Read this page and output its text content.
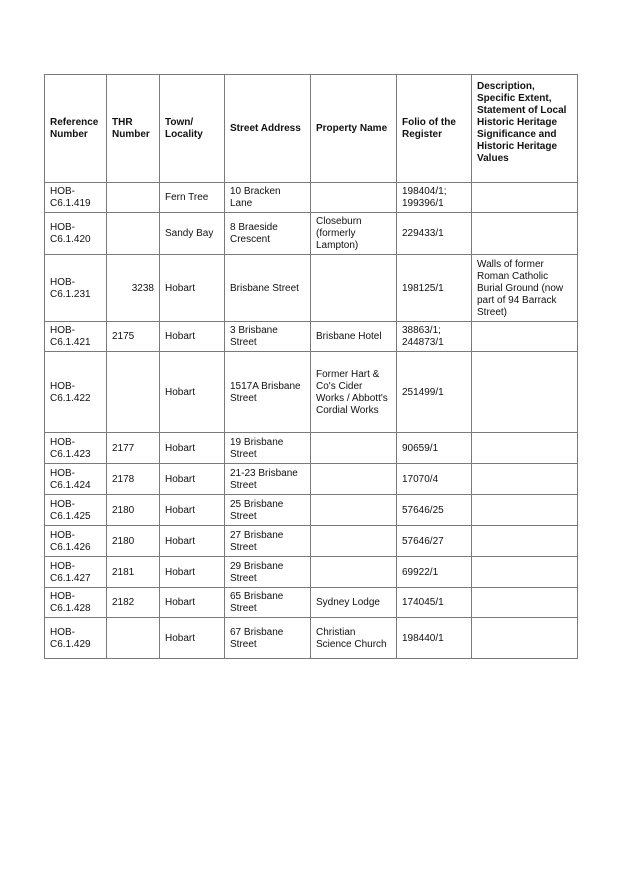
Reference Number	THR Number	Town/ Locality	Street Address	Property Name	Folio of the Register	Description, Specific Extent, Statement of Local Historic Heritage Significance and Historic Heritage Values
HOB-C6.1.419		Fern Tree	10 Bracken Lane		198404/1; 199396/1	
HOB-C6.1.420		Sandy Bay	8 Braeside Crescent	Closeburn (formerly Lampton)	229433/1	
HOB-C6.1.231	3238	Hobart	Brisbane Street		198125/1	Walls of former Roman Catholic Burial Ground (now part of 94 Barrack Street)
HOB-C6.1.421	2175	Hobart	3 Brisbane Street	Brisbane Hotel	38863/1; 244873/1	
HOB-C6.1.422		Hobart	1517A Brisbane Street	Former Hart & Co's Cider Works / Abbott's Cordial Works	251499/1	
HOB-C6.1.423	2177	Hobart	19 Brisbane Street		90659/1	
HOB-C6.1.424	2178	Hobart	21-23 Brisbane Street		17070/4	
HOB-C6.1.425	2180	Hobart	25 Brisbane Street		57646/25	
HOB-C6.1.426	2180	Hobart	27 Brisbane Street		57646/27	
HOB-C6.1.427	2181	Hobart	29 Brisbane Street		69922/1	
HOB-C6.1.428	2182	Hobart	65 Brisbane Street	Sydney Lodge	174045/1	
HOB-C6.1.429		Hobart	67 Brisbane Street	Christian Science Church	198440/1	
